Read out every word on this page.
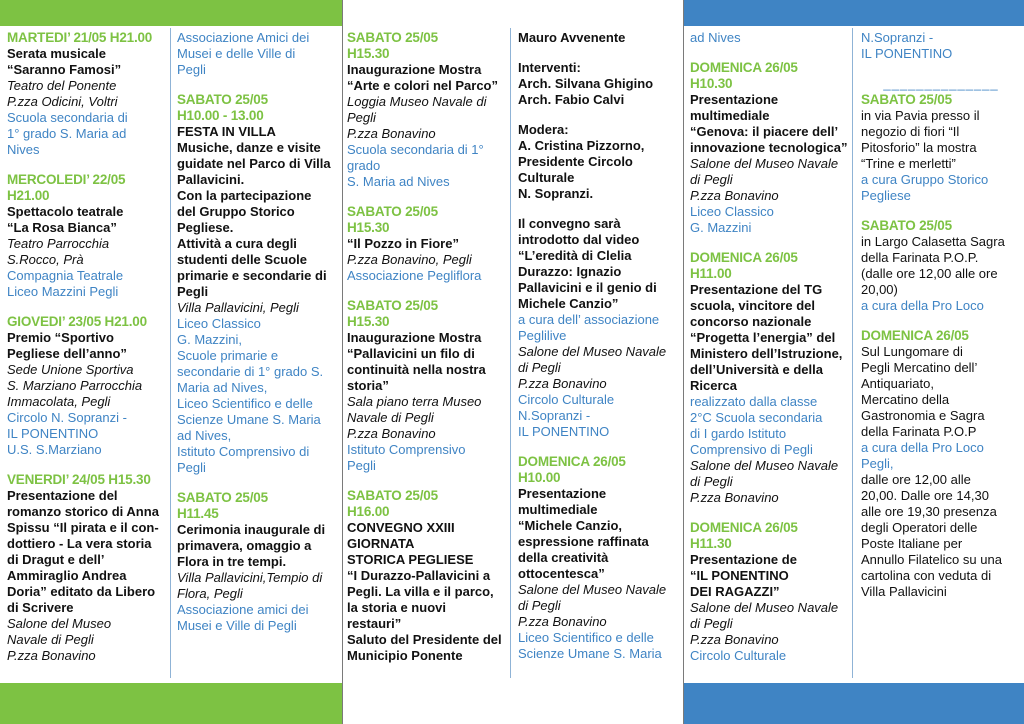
MARTEDI’ 21/05 H21.00

Serata musicale

“Saranno Famosi”

Teatro del Ponente

P.zza Odicini, Voltri

Scuola secondaria di

1° grado S. Maria ad

Nives

MERCOLEDI’ 22/05

H21.00

Spettacolo teatrale

“La Rosa Bianca”

Teatro Parrocchia

S.Rocco, Prà

Compagnia Teatrale

Liceo Mazzini Pegli

GIOVEDI’ 23/05 H21.00

Premio “Sportivo

Pegliese dell’anno”

Sede Unione Sportiva

S. Marziano Parrocchia

Immacolata, Pegli

Circolo N. Sopranzi -

IL PONENTINO

U.S. S.Marziano

VENERDI’ 24/05 H15.30

Presentazione del

romanzo storico di Anna

Spissu “Il pirata e il con-

dottiero - La vera storia

di Dragut e dell’

Ammiraglio Andrea

Doria” editato da Libero

di Scrivere

Salone del Museo

Navale di Pegli

P.zza Bonavino

Associazione Amici dei

Musei e delle Ville di

Pegli

SABATO 25/05

H10.00 - 13.00

FESTA IN VILLA

Musiche, danze e visite

guidate nel Parco di Villa

Pallavicini.

Con la partecipazione

del Gruppo Storico

Pegliese.

Attività a cura degli

studenti delle Scuole

primarie e secondarie di

Pegli

Villa Pallavicini, Pegli

Liceo Classico

G. Mazzini,

Scuole primarie e

secondarie di 1° grado S.

Maria ad Nives,

Liceo Scientifico e delle

Scienze Umane S. Maria

ad Nives,

Istituto Comprensivo di

Pegli

SABATO 25/05

H11.45

Cerimonia inaugurale di

primavera, omaggio a

Flora in tre tempi.

Villa Pallavicini,Tempio di

Flora, Pegli

Associazione amici dei

Musei e Ville di Pegli

SABATO 25/05

H15.30

Inaugurazione Mostra

“Arte e colori nel Parco”

Loggia Museo Navale di

Pegli

P.zza Bonavino

Scuola secondaria di 1°

grado

S. Maria ad Nives

SABATO 25/05

H15.30

“Il Pozzo in Fiore”

P.zza Bonavino, Pegli

Associazione Pegliflora

SABATO 25/05

H15.30

Inaugurazione Mostra

“Pallavicini un filo di

continuità nella nostra

storia”

Sala piano terra Museo

Navale di Pegli

P.zza Bonavino

Istituto Comprensivo

Pegli

SABATO 25/05

H16.00

CONVEGNO XXIII

GIORNATA

STORICA PEGLIESE

“I Durazzo-Pallavicini a

Pegli. La villa e il parco,

la storia e nuovi

restauri”

Saluto del Presidente del

Municipio Ponente

Mauro Avvenente

Interventi:

Arch. Silvana Ghigino

Arch. Fabio Calvi

Modera:

A. Cristina Pizzorno,

Presidente Circolo

Culturale

N. Sopranzi.

Il convegno sarà

introdotto dal video

“L’eredità di Clelia

Durazzo: Ignazio

Pallavicini e il genio di

Michele Canzio”

a cura dell’ associazione

Peglilive

Salone del Museo Navale

di Pegli

P.zza Bonavino

Circolo Culturale

N.Sopranzi -

IL PONENTINO

DOMENICA 26/05

H10.00

Presentazione

multimediale

“Michele Canzio,

espressione raffinata

della creatività

ottocentesca”

Salone del Museo Navale

di Pegli

P.zza Bonavino

Liceo Scientifico e delle

Scienze Umane S. Maria

ad Nives

DOMENICA 26/05

H10.30

Presentazione

multimediale

“Genova: il piacere dell’

innovazione tecnologica”

Salone del Museo Navale

di Pegli

P.zza Bonavino

Liceo Classico

G. Mazzini

DOMENICA 26/05

H11.00

Presentazione del TG

scuola, vincitore del

concorso nazionale

“Progetta l’energia” del

Ministero dell’Istruzione,

dell’Università e della

Ricerca

realizzato dalla classe

2°C Scuola secondaria

di I gardo Istituto

Comprensivo di Pegli

Salone del Museo Navale

di Pegli

P.zza Bonavino

DOMENICA 26/05

H11.30

Presentazione de

“IL PONENTINO

DEI RAGAZZI”

Salone del Museo Navale

di Pegli

P.zza Bonavino

Circolo Culturale

N.Sopranzi -

IL PONENTINO

______________

SABATO 25/05

in via Pavia presso il

negozio di fiori “Il

Pitosforio” la mostra

“Trine e merletti”

a cura Gruppo Storico

Pegliese

SABATO 25/05

in Largo Calasetta Sagra

della Farinata P.O.P.

(dalle ore 12,00 alle ore

20,00)

a cura della Pro Loco

DOMENICA 26/05

Sul Lungomare di

Pegli Mercatino dell’

Antiquariato,

Mercatino della

Gastronomia e Sagra

della Farinata P.O.P

a cura della Pro Loco

Pegli,

dalle ore 12,00 alle

20,00. Dalle ore 14,30

alle ore 19,30 presenza

degli Operatori delle

Poste Italiane per

Annullo Filatelico su una

cartolina con veduta di

Villa Pallavicini
